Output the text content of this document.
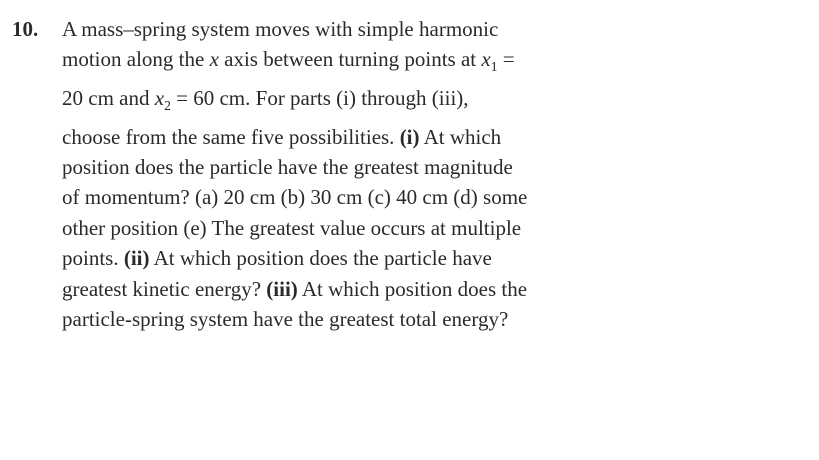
10. A mass–spring system moves with simple harmonic
motion along the x axis between turning points at $x_1$ =
20 cm and $x_2 = 60$ cm. For parts (i) through (iii),
choose from the same five possibilities. (i) At which
position does the particle have the greatest magnitude
of momentum? (a) 20 cm (b) 30 cm (c) 40 cm (d) some
other position (e) The greatest value occurs at multiple
points. (ii) At which position does the particle have
greatest kinetic energy? (iii) At which position does the
particle-spring system have the greatest total energy?
